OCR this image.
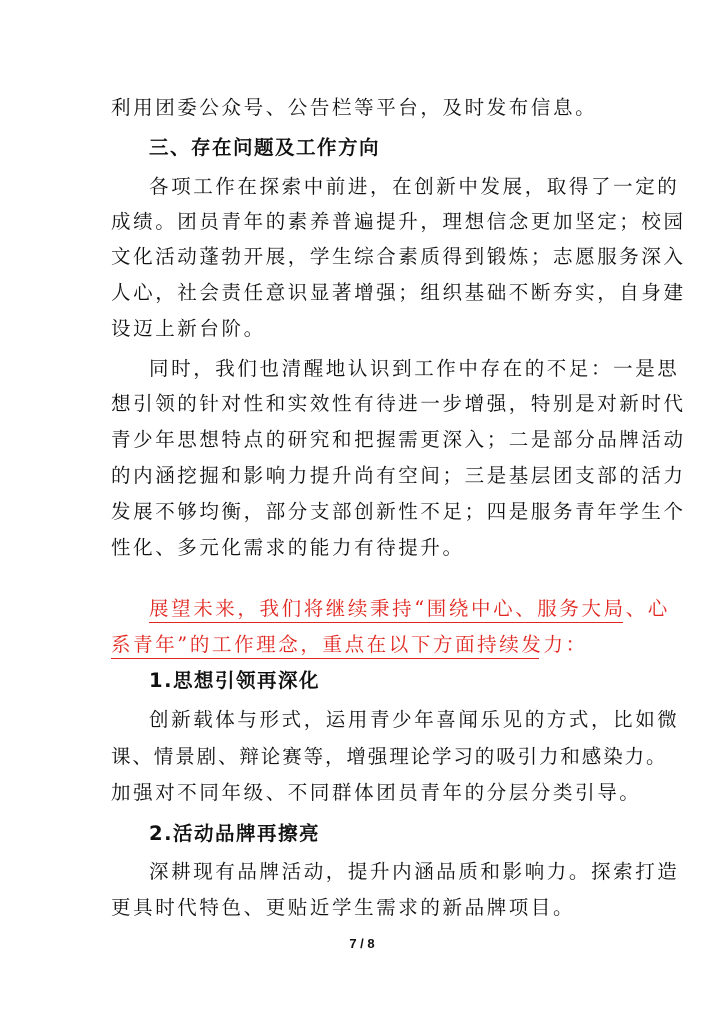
利用团委公众号、公告栏等平台，及时发布信息。
三、存在问题及工作方向
各项工作在探索中前进，在创新中发展，取得了一定的
成绩。团员青年的素养普遍提升，理想信念更加坚定；校园
文化活动蓬勃开展，学生综合素质得到锻炼；志愿服务深入
人心，社会责任意识显著增强；组织基础不断夯实，自身建
设迈上新台阶。
同时，我们也清醒地认识到工作中存在的不足：一是思
想引领的针对性和实效性有待进一步增强，特别是对新时代
青少年思想特点的研究和把握需更深入；二是部分品牌活动
的内涵挖掘和影响力提升尚有空间；三是基层团支部的活力
发展不够均衡，部分支部创新性不足；四是服务青年学生个
性化、多元化需求的能力有待提升。
展望未来，我们将继续秉持“围绕中心、服务大局、心
系青年”的工作理念，重点在以下方面持续发力：
1.思想引领再深化
创新载体与形式，运用青少年喜闻乐见的方式，比如微
课、情景剧、辩论赛等，增强理论学习的吸引力和感染力。
加强对不同年级、不同群体团员青年的分层分类引导。
2.活动品牌再擦亮
深耕现有品牌活动，提升内涵品质和影响力。探索打造
更具时代特色、更贴近学生需求的新品牌项目。
7 / 8
